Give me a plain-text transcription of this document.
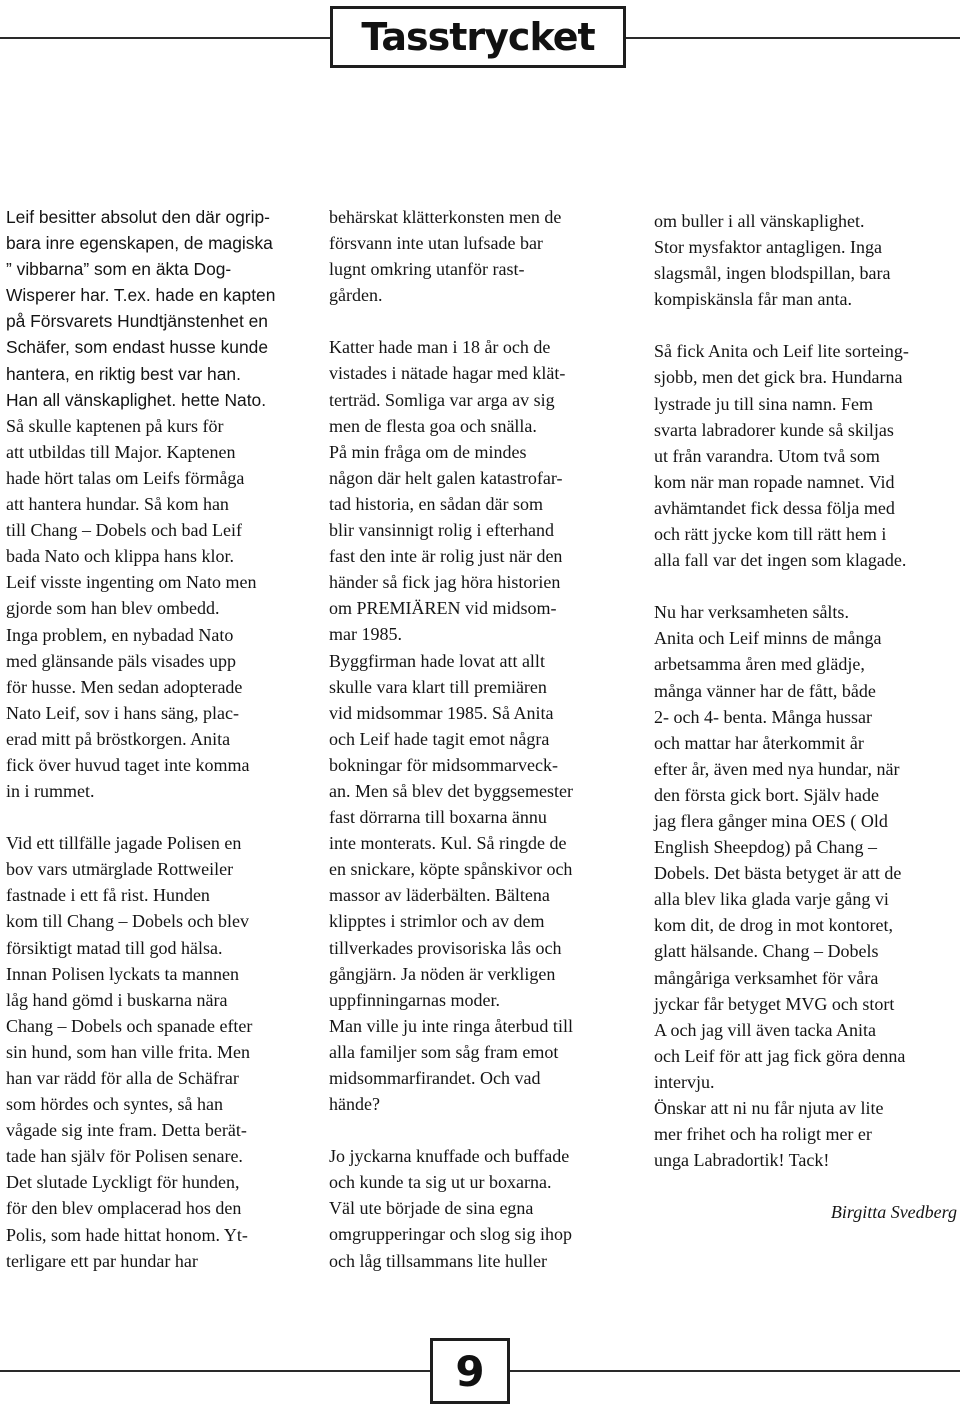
Tasstrycket

Leif besitter absolut den där ogrip-
bara inre egenskapen, de magiska
” vibbarna” som en äkta Dog-
Wisperer har. T.ex. hade en kapten
på Försvarets Hundtjänstenhet en
Schäfer, som endast husse kunde
hantera, en riktig best var han.
Han all vänskaplighet. hette Nato.

Så skulle kaptenen på kurs för
att utbildas till Major. Kaptenen
hade hört talas om Leifs förmåga
att hantera hundar. Så kom han
till Chang – Dobels och bad Leif
bada Nato och klippa hans klor.
Leif visste ingenting om Nato men
gjorde som han blev ombedd.
Inga problem, en nybadad Nato
med glänsande päls visades upp
för husse. Men sedan adopterade
Nato Leif, sov i hans säng, plac-
erad mitt på bröstkorgen. Anita
fick över huvud taget inte komma
in i rummet.

Vid ett tillfälle jagade Polisen en
bov vars utmärglade Rottweiler
fastnade i ett få rist. Hunden
kom till Chang – Dobels och blev
försiktigt matad till god hälsa.
Innan Polisen lyckats ta mannen
låg hand gömd i buskarna nära
Chang – Dobels och spanade efter
sin hund, som han ville frita. Men
han var rädd för alla de Schäfrar
som hördes och syntes, så han
vågade sig inte fram. Detta berät-
tade han själv för Polisen senare.
Det slutade Lyckligt för hunden,
för den blev omplacerad hos den
Polis, som hade hittat honom. Yt-
terligare ett par hundar har

behärskat klätterkonsten men de
försvann inte utan lufsade bar
lugnt omkring utanför rast-
gården.

Katter hade man i 18 år och de
vistades i nätade hagar med klät-
terträd. Somliga var arga av sig
men de flesta goa och snälla.
På min fråga om de mindes
någon där helt galen katastrofar-
tad historia, en sådan där som
blir vansinnigt rolig i efterhand
fast den inte är rolig just när den
händer så fick jag höra historien
om PREMIÄREN vid midsom-
mar 1985.
Byggfirman hade lovat att allt
skulle vara klart till premiären
vid midsommar 1985. Så Anita
och Leif hade tagit emot några
bokningar för midsommarveck-
an. Men så blev det byggsemester
fast dörrarna till boxarna ännu
inte monterats. Kul. Så ringde de
en snickare, köpte spånskivor och
massor av läderbälten. Bältena
klipptes i strimlor och av dem
tillverkades provisoriska lås och
gångjärn. Ja nöden är verkligen
uppfinningarnas moder.
Man ville ju inte ringa återbud till
alla familjer som såg fram emot
midsommarfirandet. Och vad
hände?

Jo jyckarna knuffade och buffade
och kunde ta sig ut ur boxarna.
Väl ute började de sina egna
omgrupperingar och slog sig ihop
och låg tillsammans lite huller

om buller i all vänskaplighet.
Stor mysfaktor antagligen. Inga
slagsmål, ingen blodspillan, bara
kompiskänsla får man anta.

Så fick Anita och Leif lite sorteing-
sjobb, men det gick bra. Hundarna
lystrade ju till sina namn. Fem
svarta labradorer kunde så skiljas
ut från varandra. Utom två som
kom när man ropade namnet. Vid
avhämtandet fick dessa följa med
och rätt jycke kom till rätt hem i
alla fall var det ingen som klagade.

Nu har verksamheten sålts.
Anita och Leif minns de många
arbetsamma åren med glädje,
många vänner har de fått, både
2- och 4- benta. Många hussar
och mattar har återkommit år
efter år, även med nya hundar, när
den första gick bort. Själv hade
jag flera gånger mina OES ( Old
English Sheepdog) på Chang –
Dobels. Det bästa betyget är att de
alla blev lika glada varje gång vi
kom dit, de drog in mot kontoret,
glatt hälsande. Chang – Dobels
mångåriga verksamhet för våra
jyckar får betyget MVG och stort
A och jag vill även tacka Anita
och Leif för att jag fick göra denna
intervju.
Önskar att ni nu får njuta av lite
mer frihet och ha roligt mer er
unga Labradortik! Tack!

Birgitta Svedberg

9
